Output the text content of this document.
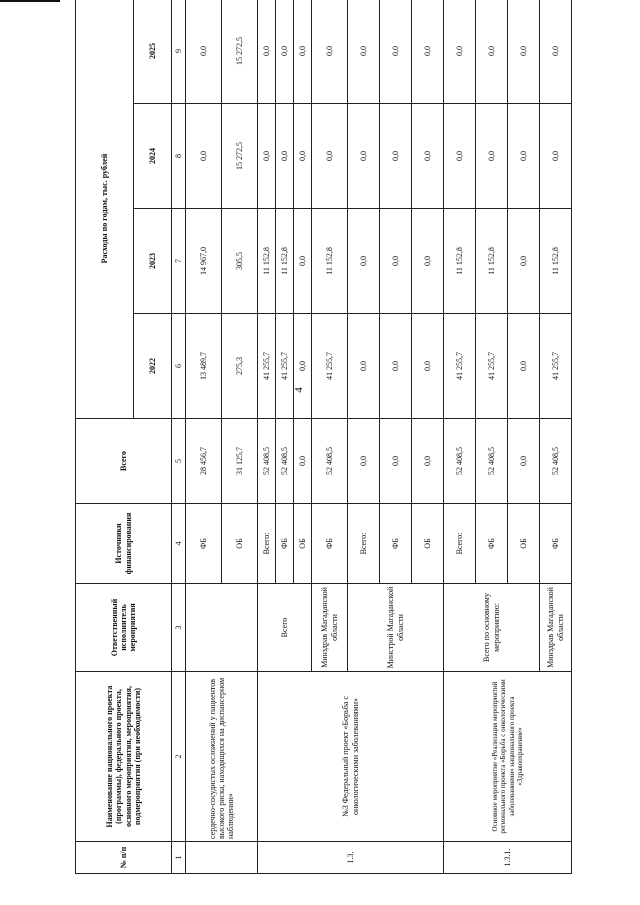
4
№ п/п	Наименование национального проекта (программы), федерального проекта, основного мероприятия, мероприятия, подмероприятия (при необходимости)	Ответственный исполнитель мероприятия	Источники финансирования	Всего	Расходы по годам, тыс. рублей			
					2022	2023	2024	2025
1	2	3	4	5	6	7	8	9
	сердечно-сосудистых осложнений у пациентов высокого риска, находящихся на диспансерном наблюдении»		ФБ	28 456,7	13 489,7	14 967,0	0,0	0,0
			ОБ	31 125,7	275,3	305,5	15 272,5	15 272,5
1.3.	№3 Федеральный проект «Борьба с онкологическими заболеваниями»	Всего	Всего:	52 408,5	41 255,7	11 152,8	0,0	0,0
			ФБ	52 408,5	41 255,7	11 152,8	0,0	0,0
			ОБ	0,0	0,0	0,0	0,0	0,0
		Минздрав Магаданской области	ФБ	52 408,5	41 255,7	11 152,8	0,0	0,0
		Минстрой Магаданской области	Всего:	0,0	0,0	0,0	0,0	0,0
			ФБ	0,0	0,0	0,0	0,0	0,0
			ОБ	0,0	0,0	0,0	0,0	0,0
1.3.1.	Основное мероприятие «Реализация мероприятий регионального проекта «Борьба с онкологическими заболеваниями» национального проекта «Здравоохранение»	Всего по основному мероприятию:	Всего:	52 408,5	41 255,7	11 152,8	0,0	0,0
			ФБ	52 408,5	41 255,7	11 152,8	0,0	0,0
			ОБ	0,0	0,0	0,0	0,0	0,0
		Минздрав Магаданской области	ФБ	52 408,5	41 255,7	11 152,8	0,0	0,0
